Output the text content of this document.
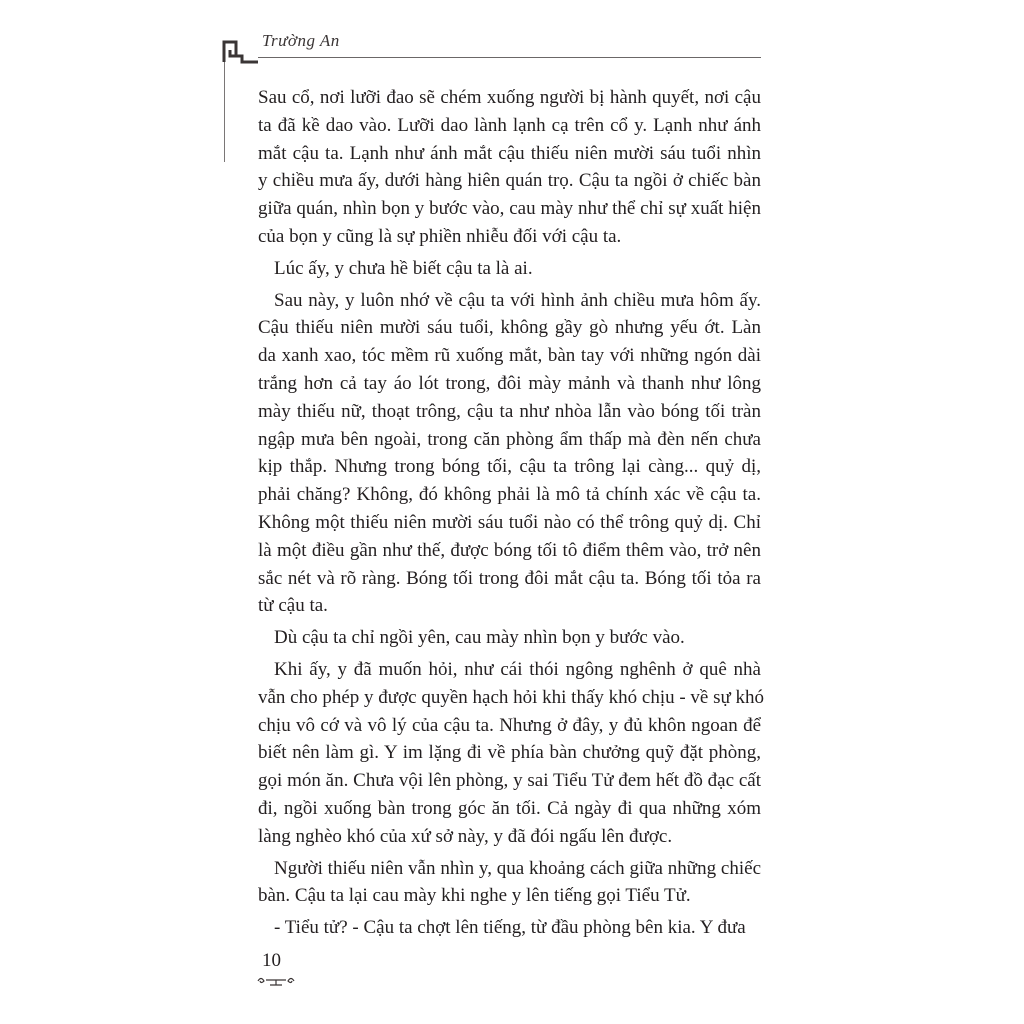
Trường An
Sau cổ, nơi lưỡi đao sẽ chém xuống người bị hành quyết, nơi cậu
ta đã kề dao vào. Lưỡi dao lành lạnh cạ trên cổ y. Lạnh như ánh
mắt cậu ta. Lạnh như ánh mắt cậu thiếu niên mười sáu tuổi nhìn
y chiều mưa ấy, dưới hàng hiên quán trọ. Cậu ta ngồi ở chiếc bàn
giữa quán, nhìn bọn y bước vào, cau mày như thể chỉ sự xuất hiện
của bọn y cũng là sự phiền nhiễu đối với cậu ta.
Lúc ấy, y chưa hề biết cậu ta là ai.
Sau này, y luôn nhớ về cậu ta với hình ảnh chiều mưa hôm ấy.
Cậu thiếu niên mười sáu tuổi, không gầy gò nhưng yếu ớt. Làn
da xanh xao, tóc mềm rũ xuống mắt, bàn tay với những ngón dài
trắng hơn cả tay áo lót trong, đôi mày mảnh và thanh như lông
mày thiếu nữ, thoạt trông, cậu ta như nhòa lẫn vào bóng tối tràn
ngập mưa bên ngoài, trong căn phòng ẩm thấp mà đèn nến chưa
kịp thắp. Nhưng trong bóng tối, cậu ta trông lại càng... quỷ dị,
phải chăng? Không, đó không phải là mô tả chính xác về cậu ta.
Không một thiếu niên mười sáu tuổi nào có thể trông quỷ dị. Chỉ
là một điều gần như thế, được bóng tối tô điểm thêm vào, trở nên
sắc nét và rõ ràng. Bóng tối trong đôi mắt cậu ta. Bóng tối tỏa ra
từ cậu ta.
Dù cậu ta chỉ ngồi yên, cau mày nhìn bọn y bước vào.
Khi ấy, y đã muốn hỏi, như cái thói ngông nghênh ở quê nhà
vẫn cho phép y được quyền hạch hỏi khi thấy khó chịu - về sự khó
chịu vô cớ và vô lý của cậu ta. Nhưng ở đây, y đủ khôn ngoan để
biết nên làm gì. Y im lặng đi về phía bàn chưởng quỹ đặt phòng,
gọi món ăn. Chưa vội lên phòng, y sai Tiểu Tử đem hết đồ đạc cất
đi, ngồi xuống bàn trong góc ăn tối. Cả ngày đi qua những xóm
làng nghèo khó của xứ sở này, y đã đói ngấu lên được.
Người thiếu niên vẫn nhìn y, qua khoảng cách giữa những chiếc
bàn. Cậu ta lại cau mày khi nghe y lên tiếng gọi Tiểu Tử.
- Tiểu tử? - Cậu ta chợt lên tiếng, từ đầu phòng bên kia. Y đưa
10
